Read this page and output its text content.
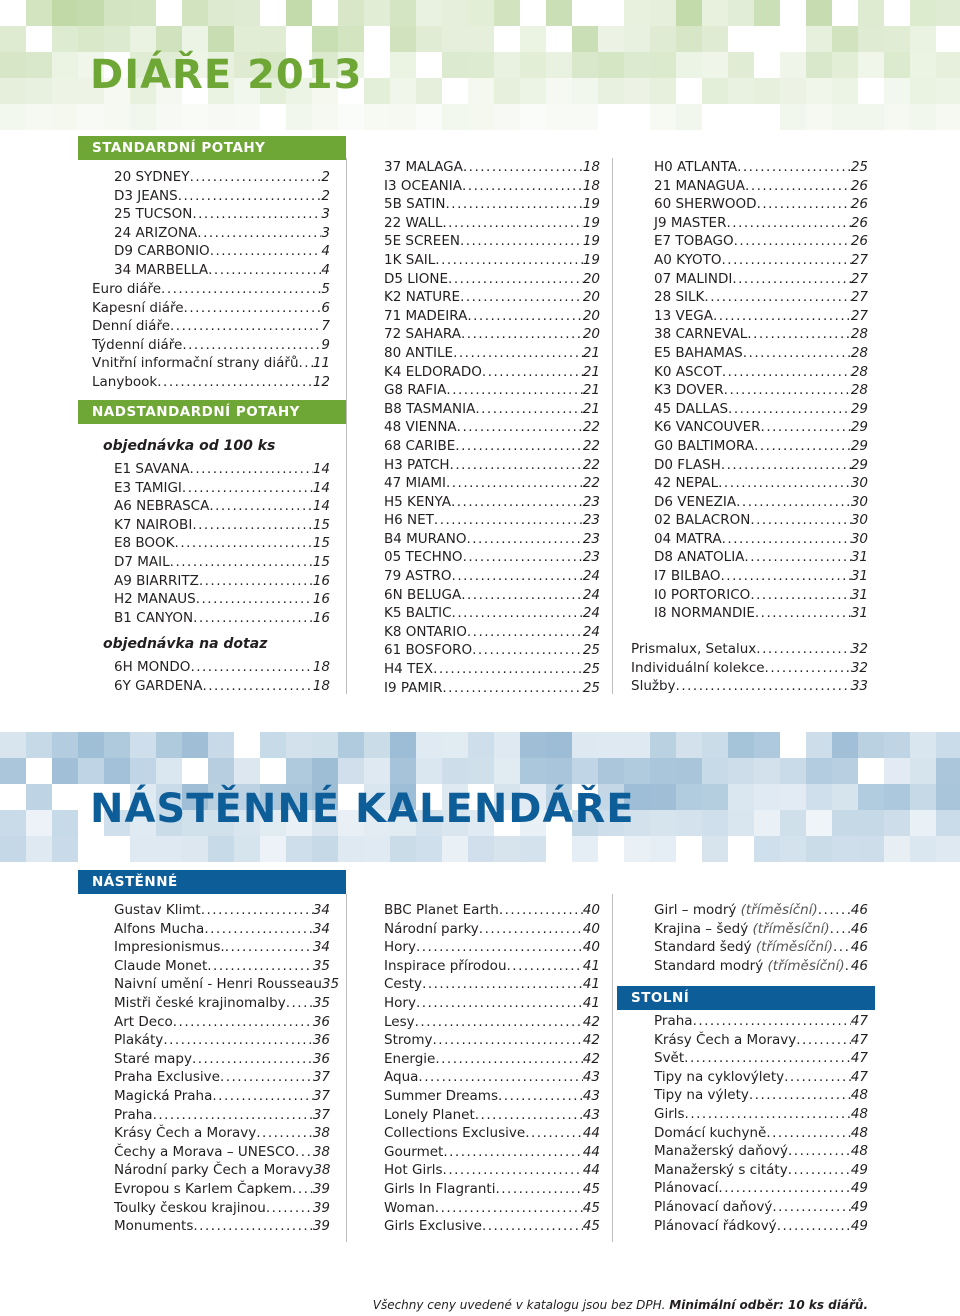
DIÁŘE 2013
STANDARDNÍ POTAHY
20 SYDNEY .....	2
D3 JEANS .....	2
25 TUCSON .....	3
24 ARIZONA .....	3
D9 CARBONIO .....	4
34 MARBELLA .....	4
Euro diáře .....	5
Kapesní diáře .....	6
Denní diáře .....	7
Týdenní diáře .....	9
Vnitřní informační strany diářů ..... 11
Lanybook .....	12
NADSTANDARDNÍ POTAHY
objednávka od 100 ks
E1 SAVANA .....	14
E3 TAMIGI .....	14
A6 NEBRASCA .....	14
K7 NAIROBI .....	15
E8 BOOK .....	15
D7 MAIL .....	15
A9 BIARRITZ .....	16
H2 MANAUS .....	16
B1 CANYON .....	16
objednávka na dotaz
6H MONDO .....	18
6Y GARDENA .....	18
37 MALAGA .....	18
I3 OCEANIA .....	18
5B SATIN .....	19
22 WALL .....	19
5E SCREEN .....	19
1K SAIL .....	19
D5 LIONE .....	20
K2 NATURE .....	20
71 MADEIRA .....	20
72 SAHARA .....	20
80 ANTILE .....	21
K4 ELDORADO .....	21
G8 RAFIA .....	21
B8 TASMANIA .....	21
48 VIENNA .....	22
68 CARIBE .....	22
H3 PATCH .....	22
47 MIAMI .....	22
H5 KENYA .....	23
H6 NET .....	23
B4 MURANO .....	23
05 TECHNO .....	23
79 ASTRO .....	24
6N BELUGA .....	24
K5 BALTIC .....	24
K8 ONTARIO .....	24
61 BOSFORO .....	25
H4 TEX .....	25
I9 PAMIR .....	25
H0 ATLANTA .....	25
21 MANAGUA .....	26
60 SHERWOOD .....	26
J9 MASTER .....	26
E7 TOBAGO .....	26
A0 KYOTO .....	27
07 MALINDI .....	27
28 SILK .....	27
13 VEGA .....	27
38 CARNEVAL .....	28
E5 BAHAMAS .....	28
K0 ASCOT .....	28
K3 DOVER .....	28
45 DALLAS .....	29
K6 VANCOUVER .....	29
G0 BALTIMORA .....	29
D0 FLASH .....	29
42 NEPAL .....	30
D6 VENEZIA .....	30
02 BALACRON .....	30
04 MATRA .....	30
D8 ANATOLIA .....	31
I7 BILBAO .....	31
I0 PORTORICO .....	31
I8 NORMANDIE .....	31
Prismalux, Setalux .....	32
Individuální kolekce .....	32
Služby .....	33
NÁSTĚNNÉ KALENDÁŘE
NÁSTĚNNÉ
Gustav Klimt .....	34
Alfons Mucha .....	34
Impresionismus. .....	34
Claude Monet .....	35
Naivní umění - Henri Rousseau 35
Mistři české krajinomalby ..... 35
Art Deco .....	36
Plakáty .....	36
Staré mapy .....	36
Praha Exclusive .....	37
Magická Praha .....	37
Praha .....	37
Krásy Čech a Moravy .....	38
Čechy a Morava – UNESCO ..... 38
Národní parky Čech a Moravy 38
Evropou s Karlem Čapkem ..... 39
Toulky českou krajinou .....	39
Monuments .....	39
BBC Planet Earth .....	40
Národní parky .....	40
Hory .....	40
Inspirace přírodou .....	41
Cesty .....	41
Hory .....	41
Lesy .....	42
Stromy .....	42
Energie .....	42
Aqua .....	43
Summer Dreams .....	43
Lonely Planet .....	43
Collections Exclusive .....	44
Gourmet .....	44
Hot Girls .....	44
Girls In Flagranti .....	45
Woman .....	45
Girls Exclusive .....	45
Girl – modrý (tříměsíční) ..... 46
Krajina – šedý (tříměsíční) ..... 46
Standard šedý (tříměsíční) ..... 46
Standard modrý (tříměsíční) ..... 46
STOLNÍ
Praha .....	47
Krásy Čech a Moravy .....	47
Svět .....	47
Tipy na cyklovýlety .....	47
Tipy na výlety .....	48
Girls .....	48
Domácí kuchyně .....	48
Manažerský daňový .....	48
Manažerský s citáty .....	49
Plánovací .....	49
Plánovací daňový .....	49
Plánovací řádkový .....	49
Všechny ceny uvedené v katalogu jsou bez DPH. Minimální odběr: 10 ks diářů.
